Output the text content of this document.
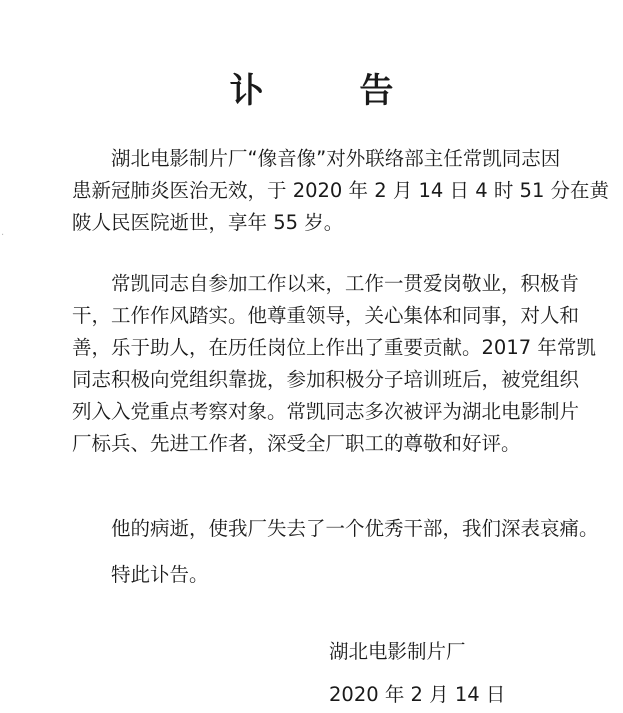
·
讣 告

湖北电影制片厂“像音像”对外联络部主任常凯同志因
患新冠肺炎医治无效，于 2020 年 2 月 14 日 4 时 51 分在黄
陂人民医院逝世，享年 55 岁。

常凯同志自参加工作以来，工作一贯爱岗敬业，积极肯
干，工作作风踏实。他尊重领导，关心集体和同事，对人和
善，乐于助人，在历任岗位上作出了重要贡献。2017 年常凯
同志积极向党组织靠拢，参加积极分子培训班后，被党组织
列入入党重点考察对象。常凯同志多次被评为湖北电影制片
厂标兵、先进工作者，深受全厂职工的尊敬和好评。

他的病逝，使我厂失去了一个优秀干部，我们深表哀痛。

特此讣告。

湖北电影制片厂
2020 年 2 月 14 日
